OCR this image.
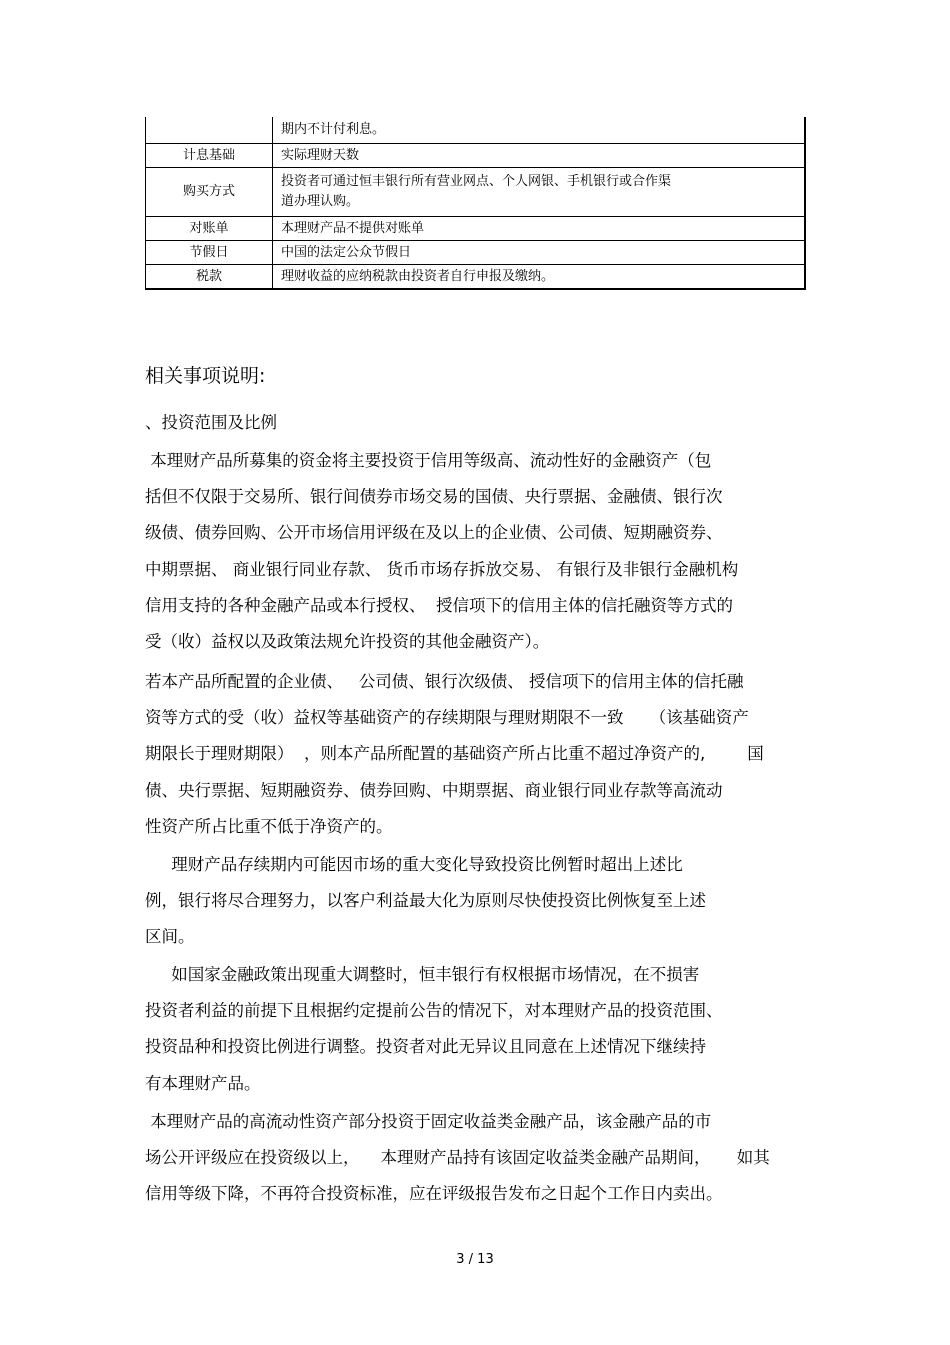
	期内不计付利息。

计息基础	实际理财天数

购买方式	投资者可通过恒丰银行所有营业网点、个人网银、手机银行或合作渠
道办理认购。

对账单	本理财产品不提供对账单

节假日	中国的法定公众节假日

税款	理财收益的应纳税款由投资者自行申报及缴纳。
相关事项说明:
、投资范围及比例
本理财产品所募集的资金将主要投资于信用等级高、流动性好的金融资产（包
括但不仅限于交易所、银行间债券市场交易的国债、央行票据、金融债、银行次
级债、债券回购、公开市场信用评级在及以上的企业债、公司债、短期融资券、
中期票据、 商业银行同业存款、 货币市场存拆放交易、 有银行及非银行金融机构
信用支持的各种金融产品或本行授权、  授信项下的信用主体的信托融资等方式的
受（收）益权以及政策法规允许投资的其他金融资产）。
若本产品所配置的企业债、   公司债、银行次级债、 授信项下的信用主体的信托融
资等方式的受（收）益权等基础资产的存续期限与理财期限不一致     （该基础资产
期限长于理财期限）  ，则本产品所配置的基础资产所占比重不超过净资产的,        国
债、央行票据、短期融资券、债券回购、中期票据、商业银行同业存款等高流动
性资产所占比重不低于净资产的。
理财产品存续期内可能因市场的重大变化导致投资比例暂时超出上述比
例，银行将尽合理努力，以客户利益最大化为原则尽快使投资比例恢复至上述
区间。
如国家金融政策出现重大调整时，恒丰银行有权根据市场情况，在不损害
投资者利益的前提下且根据约定提前公告的情况下，对本理财产品的投资范围、
投资品种和投资比例进行调整。投资者对此无异议且同意在上述情况下继续持
有本理财产品。
本理财产品的高流动性资产部分投资于固定收益类金融产品，该金融产品的市
场公开评级应在投资级以上，    本理财产品持有该固定收益类金融产品期间，     如其
信用等级下降，不再符合投资标准，应在评级报告发布之日起个工作日内卖出。
3 / 13
